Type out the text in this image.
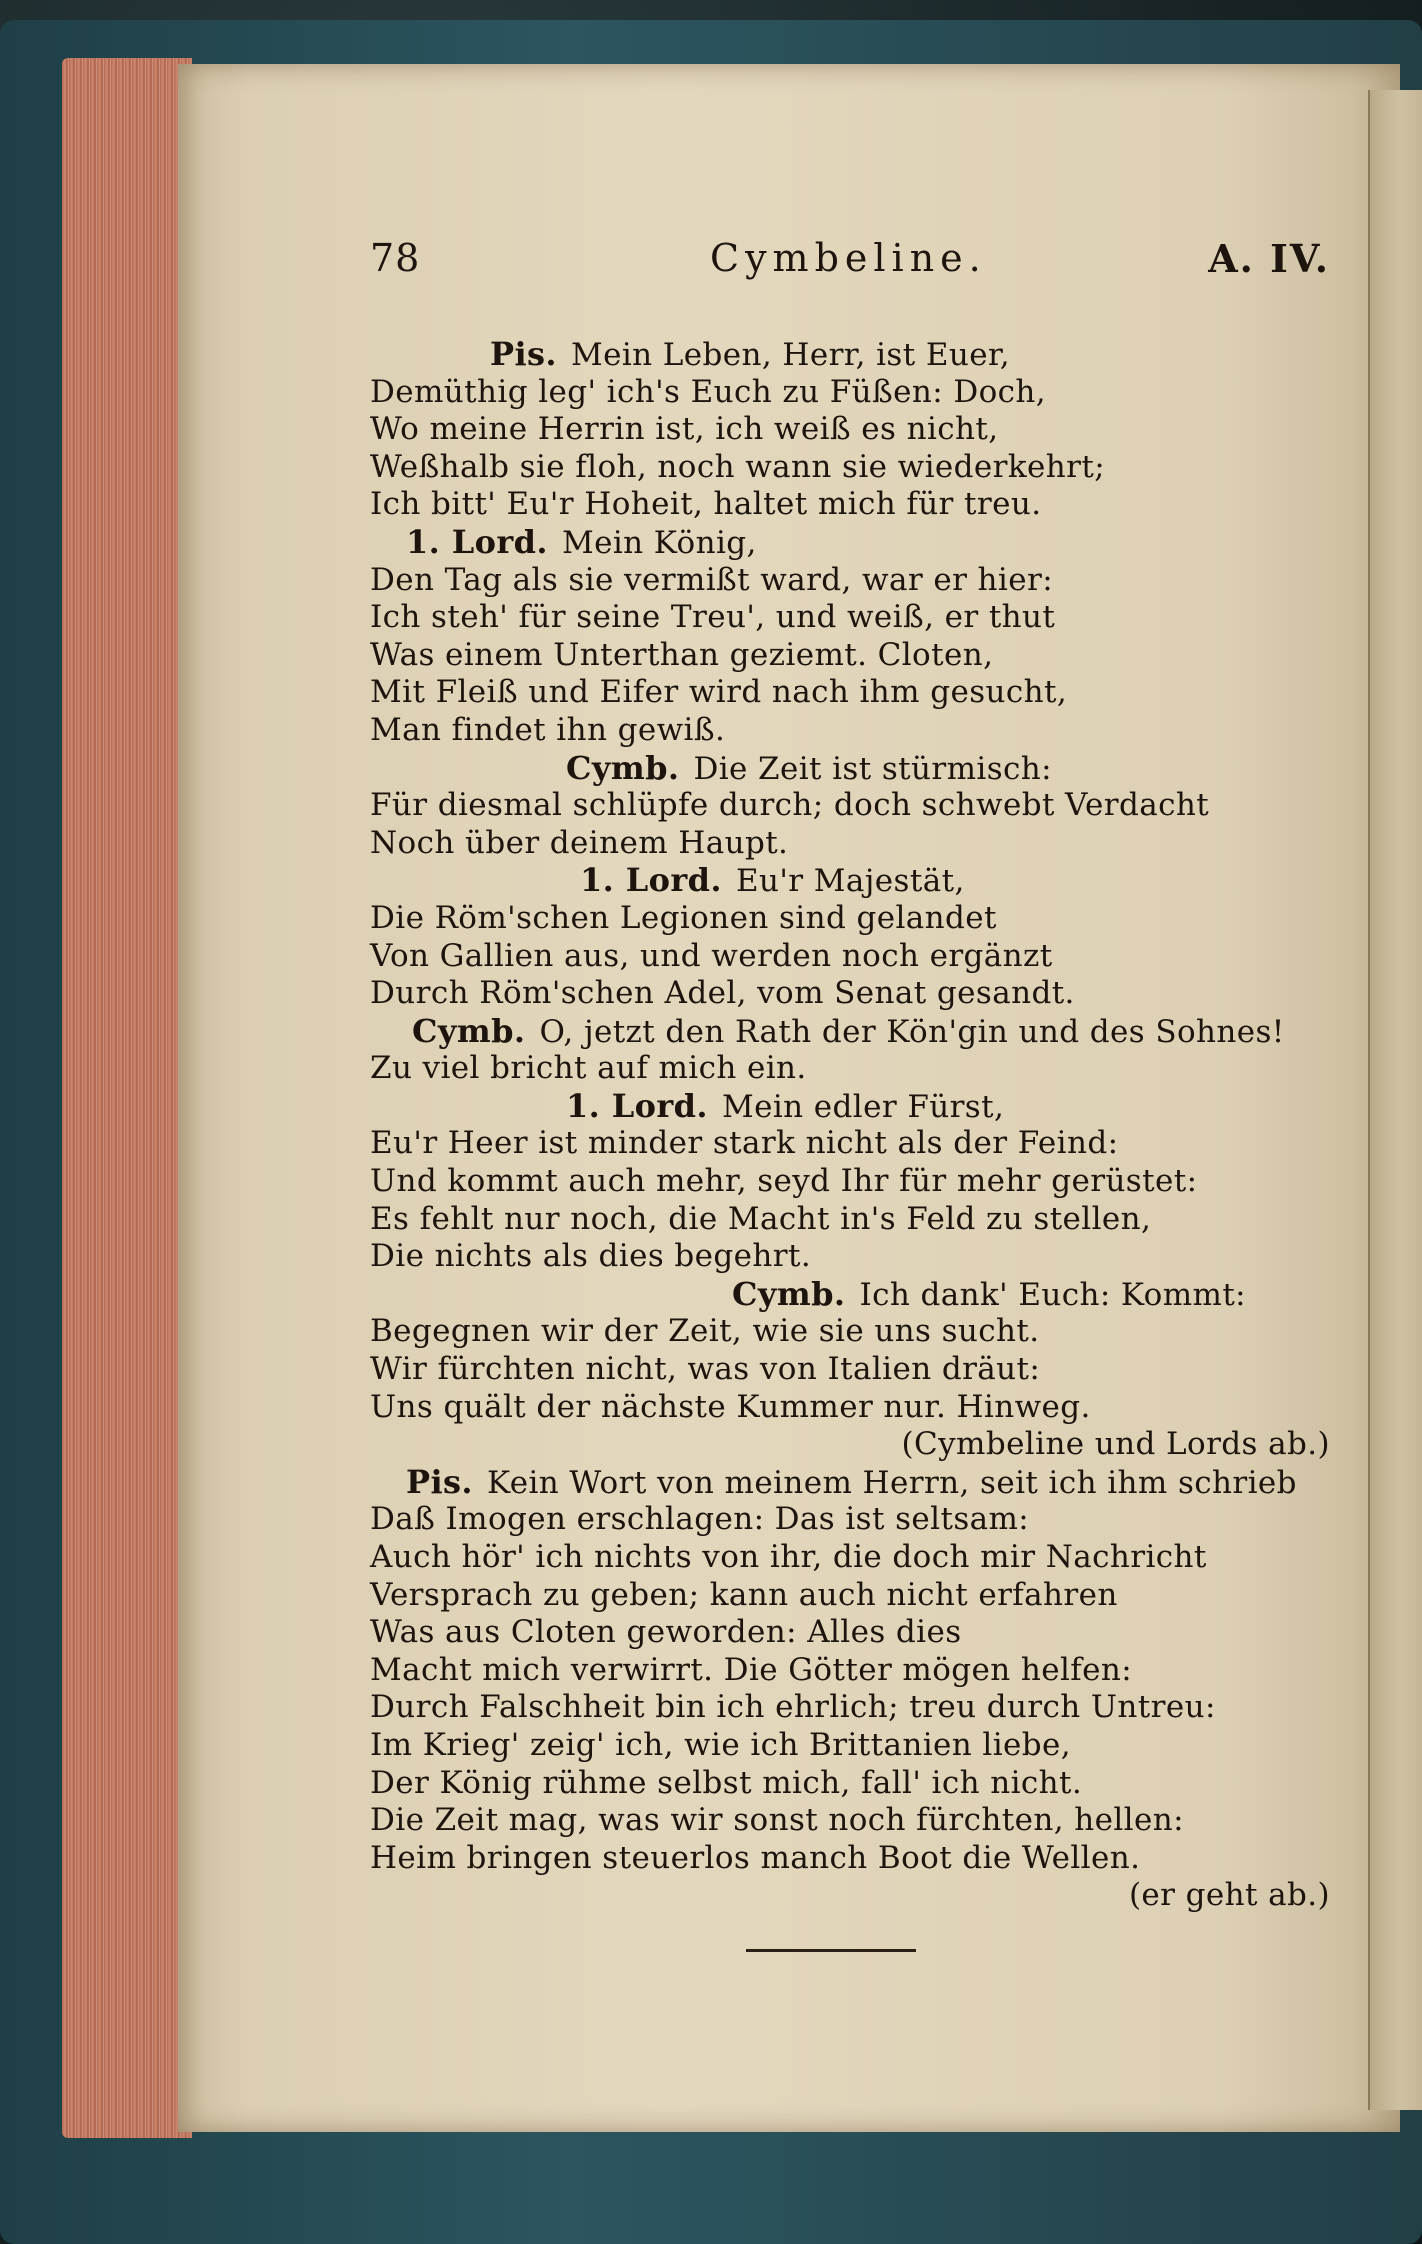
78	Cymbeline.	A. IV.
Pis. Mein Leben, Herr, ist Euer,
Demüthig leg' ich's Euch zu Füßen: Doch,
Wo meine Herrin ist, ich weiß es nicht,
Weßhalb sie floh, noch wann sie wiederkehrt;
Ich bitt' Eu'r Hoheit, haltet mich für treu.
1. Lord. Mein König,
Den Tag als sie vermißt ward, war er hier:
Ich steh' für seine Treu', und weiß, er thut
Was einem Unterthan geziemt. Cloten,
Mit Fleiß und Eifer wird nach ihm gesucht,
Man findet ihn gewiß.
Cymb. Die Zeit ist stürmisch:
Für diesmal schlüpfe durch; doch schwebt Verdacht
Noch über deinem Haupt.
1. Lord. Eu'r Majestät,
Die Röm'schen Legionen sind gelandet
Von Gallien aus, und werden noch ergänzt
Durch Röm'schen Adel, vom Senat gesandt.
Cymb. O, jetzt den Rath der Kön'gin und des Sohnes!
Zu viel bricht auf mich ein.
1. Lord. Mein edler Fürst,
Eu'r Heer ist minder stark nicht als der Feind:
Und kommt auch mehr, seyd Ihr für mehr gerüstet:
Es fehlt nur noch, die Macht in's Feld zu stellen,
Die nichts als dies begehrt.
Cymb. Ich dank' Euch: Kommt:
Begegnen wir der Zeit, wie sie uns sucht.
Wir fürchten nicht, was von Italien dräut:
Uns quält der nächste Kummer nur. Hinweg.
(Cymbeline und Lords ab.)
Pis. Kein Wort von meinem Herrn, seit ich ihm schrieb
Daß Imogen erschlagen: Das ist seltsam:
Auch hör' ich nichts von ihr, die doch mir Nachricht
Versprach zu geben; kann auch nicht erfahren
Was aus Cloten geworden: Alles dies
Macht mich verwirrt. Die Götter mögen helfen:
Durch Falschheit bin ich ehrlich; treu durch Untreu:
Im Krieg' zeig' ich, wie ich Brittanien liebe,
Der König rühme selbst mich, fall' ich nicht.
Die Zeit mag, was wir sonst noch fürchten, hellen:
Heim bringen steuerlos manch Boot die Wellen.
(er geht ab.)
